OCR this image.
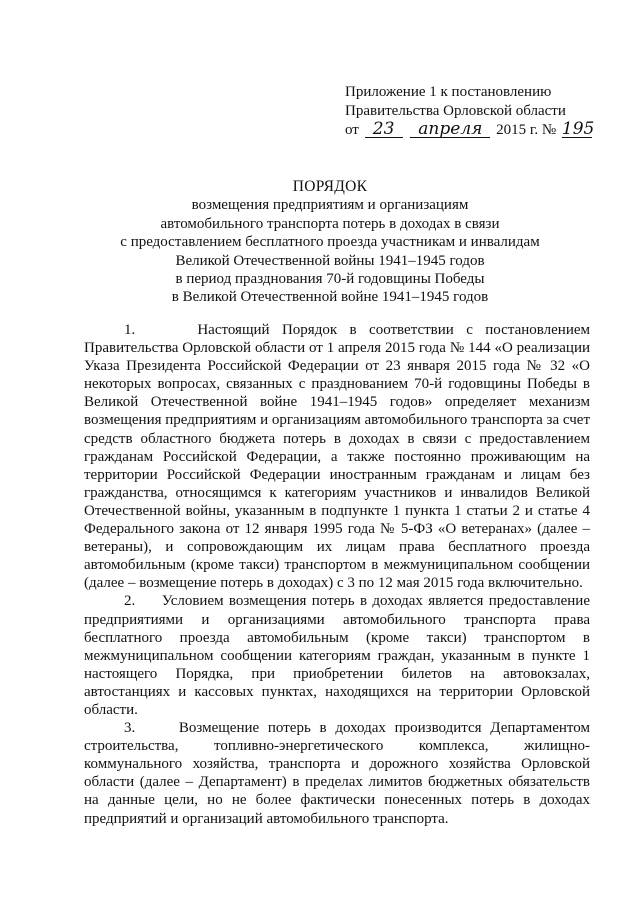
Приложение 1 к постановлению
Правительства Орловской области
от 23 апреля 2015 г. № 195
ПОРЯДОК
возмещения предприятиям и организациям
автомобильного транспорта потерь в доходах в связи
с предоставлением бесплатного проезда участникам и инвалидам
Великой Отечественной войны 1941–1945 годов
в период празднования 70-й годовщины Победы
в Великой Отечественной войне 1941–1945 годов

1.     Настоящий Порядок в соответствии с постановлением Правительства Орловской области от 1 апреля 2015 года № 144 «О реализации Указа Президента Российской Федерации от 23 января 2015 года № 32 «О некоторых вопросах, связанных с празднованием 70-й годовщины Победы в Великой Отечественной войне 1941–1945 годов» определяет механизм возмещения предприятиям и организациям автомобильного транспорта за счет средств областного бюджета потерь в доходах в связи с предоставлением гражданам Российской Федерации, а также постоянно проживающим на территории Российской Федерации иностранным гражданам и лицам без гражданства, относящимся к категориям участников и инвалидов Великой Отечественной войны, указанным в подпункте 1 пункта 1 статьи 2 и статье 4 Федерального закона от 12 января 1995 года № 5-ФЗ «О ветеранах» (далее – ветераны), и сопровождающим их лицам права бесплатного проезда автомобильным (кроме такси) транспортом в межмуниципальном сообщении (далее – возмещение потерь в доходах) с 3 по 12 мая 2015 года включительно.

2.     Условием возмещения потерь в доходах является предоставление предприятиями и организациями автомобильного транспорта права бесплатного проезда автомобильным (кроме такси) транспортом в межмуниципальном сообщении категориям граждан, указанным в пункте 1 настоящего Порядка, при приобретении билетов на автовокзалах, автостанциях и кассовых пунктах, находящихся на территории Орловской области.

3.     Возмещение потерь в доходах производится Департаментом строительства, топливно-энергетического комплекса, жилищно-коммунального хозяйства, транспорта и дорожного хозяйства Орловской области (далее – Департамент) в пределах лимитов бюджетных обязательств на данные цели, но не более фактически понесенных потерь в доходах предприятий и организаций автомобильного транспорта.
